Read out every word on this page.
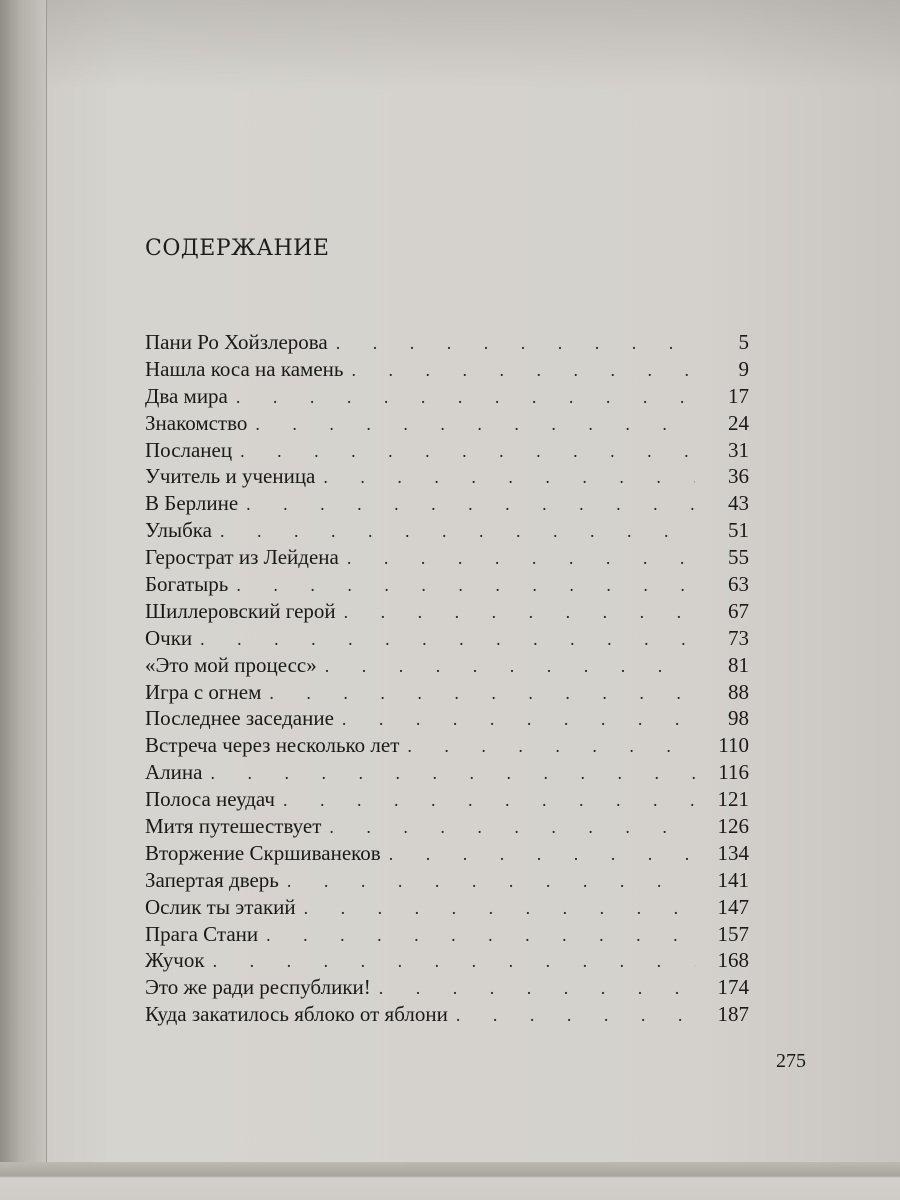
СОДЕРЖАНИЕ
Пани Ро Хойзлерова . . .	5
Нашла коса на камень . . .	9
Два мира . . .	17
Знакомство . . .	24
Посланец . . .	31
Учитель и ученица . . .	36
В Берлине . . .	43
Улыбка . . .	51
Герострат из Лейдена . . .	55
Богатырь . . .	63
Шиллеровский герой . . .	67
Очки . . .	73
«Это мой процесс» . . .	81
Игра с огнем . . .	88
Последнее заседание . . .	98
Встреча через несколько лет . . .	110
Алина . . .	116
Полоса неудач . . .	121
Митя путешествует . . .	126
Вторжение Скршиванеков . . .	134
Запертая дверь . . .	141
Ослик ты этакий . . .	147
Прага Стани . . .	157
Жучок . . .	168
Это же ради республики! . . .	174
Куда закатилось яблоко от яблони . . .	187
275
